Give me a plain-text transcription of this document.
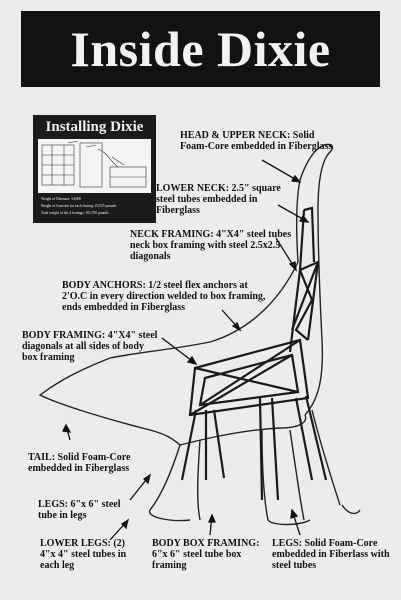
Inside Dixie
Installing Dixie
Weight of Dinosaur: 14,000
Weight of Concrete for each footing: 23,925 pounds
Total weight of the 4 footings: 103,700 pounds
HEAD & UPPER NECK: Solid Foam-Core embedded in Fiberglass
LOWER NECK: 2.5" square steel tubes embedded in Fiberglass
NECK FRAMING: 4"X4" steel tubes neck box framing with steel 2.5x2.5 diagonals
BODY ANCHORS: 1/2 steel flex anchors at 2'O.C in every direction welded to box framing, ends embedded in Fiberglass
BODY FRAMING: 4"X4" steel diagonals at all sides of body box framing
TAIL: Solid Foam-Core embedded in Fiberglass
LEGS: 6"x 6" steel tube in legs
LOWER LEGS: (2) 4"x 4" steel tubes in each leg
BODY BOX FRAMING: 6"x 6" steel tube box framing
LEGS: Solid Foam-Core embedded in Fiberlass with steel tubes
